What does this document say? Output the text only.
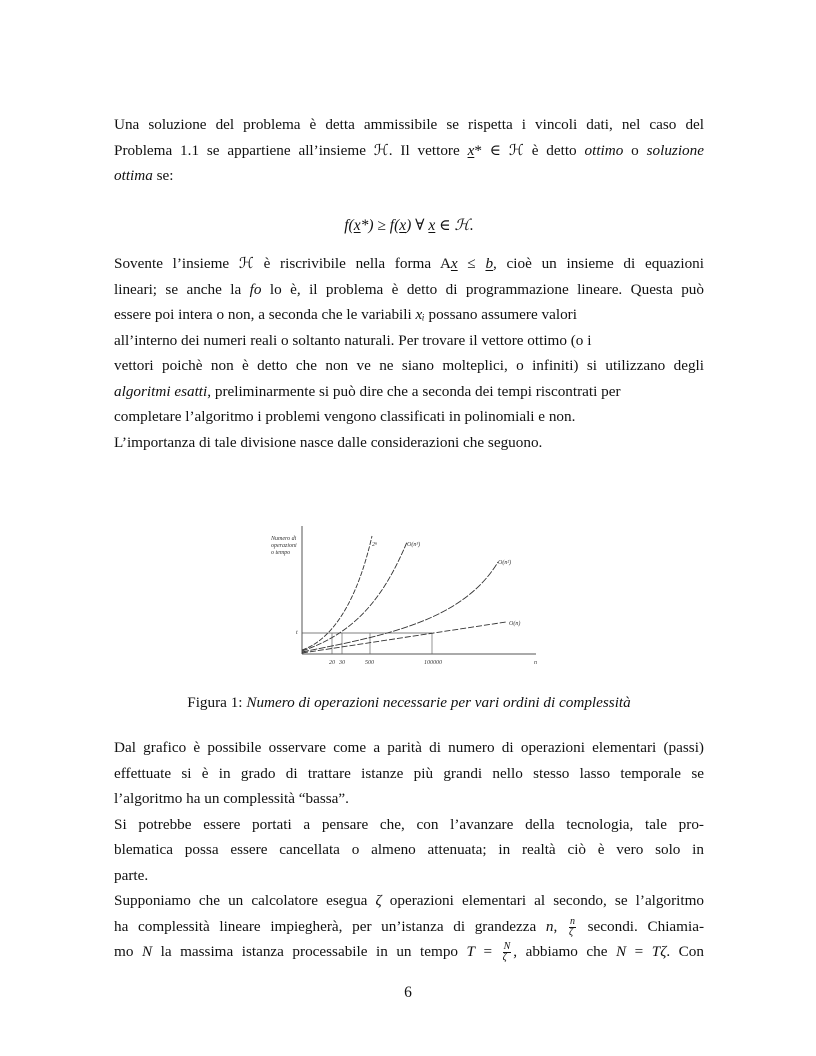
Una soluzione del problema è detta ammissibile se rispetta i vincoli dati, nel caso del
Problema 1.1 se appartiene all’insieme ℋ. Il vettore x* ∈ ℋ è detto ottimo o soluzione
ottima se:
f(x*) ≥ f(x) ∀ x ∈ ℋ.
Sovente l’insieme ℋ è riscrivibile nella forma Ax ≤ b, cioè un insieme di equazioni
lineari; se anche la fo lo è, il problema è detto di programmazione lineare. Questa può
essere poi intera o non, a seconda che le variabili xᵢ possano assumere valori
all’interno dei numeri reali o soltanto naturali. Per trovare il vettore ottimo (o i
vettori poichè non è detto che non ve ne siano molteplici, o infiniti) si utilizzano degli
algoritmi esatti, preliminarmente si può dire che a seconda dei tempi riscontrati per
completare l’algoritmo i problemi vengono classificati in polinomiali e non.
L’importanza di tale divisione nasce dalle considerazioni che seguono.
Numero di
operazioni
o tempo
t
20 30	500	100000	n
2ⁿ	O(n³)
O(n²)
O(n)
Figura 1: Numero di operazioni necessarie per vari ordini di complessità
Dal grafico è possibile osservare come a parità di numero di operazioni elementari (passi)
effettuate si è in grado di trattare istanze più grandi nello stesso lasso temporale se
l’algoritmo ha un complessità “bassa”.
Si potrebbe essere portati a pensare che, con l’avanzare della tecnologia, tale pro-
blematica possa essere cancellata o almeno attenuata; in realtà ciò è vero solo in
parte.
Supponiamo che un calcolatore esegua ζ operazioni elementari al secondo, se l’algoritmo
ha complessità lineare impiegherà, per un’istanza di grandezza n, $\frac{n}{\zeta}$ secondi. Chiamia-
mo N la massima istanza processabile in un tempo $T = \frac{N}{\zeta}$ , abbiamo che N = Tζ. Con
6
